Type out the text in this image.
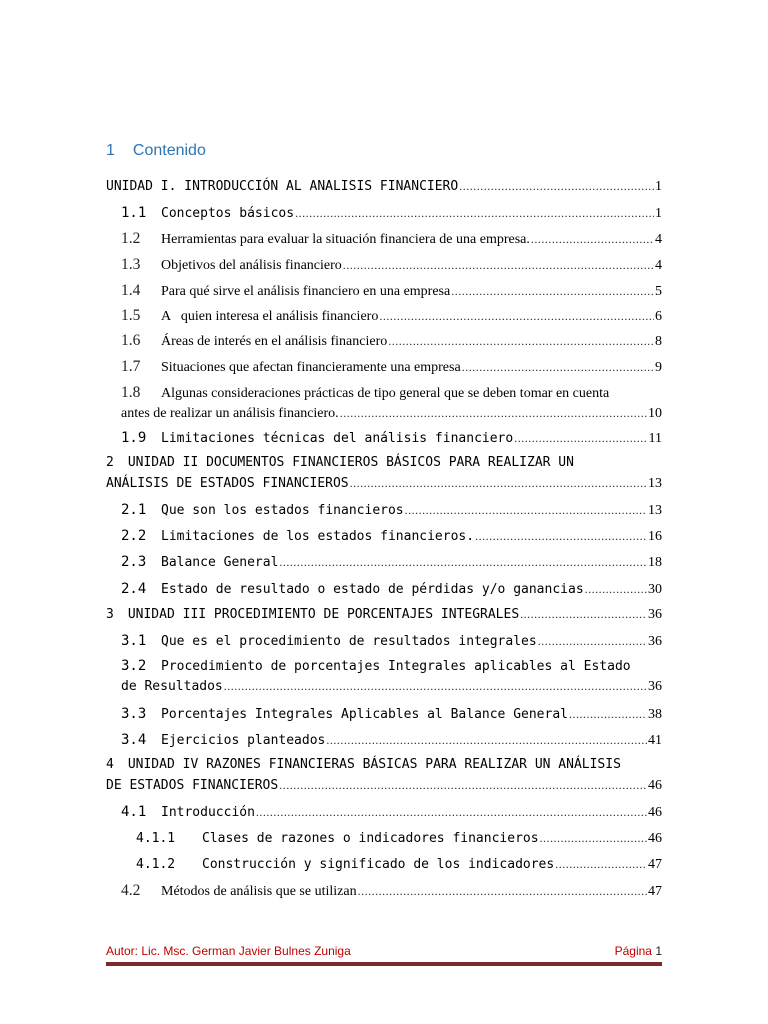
1 Contenido
UNIDAD I. INTRODUCCIÓN AL ANALISIS FINANCIERO .....	1
1.1	Conceptos básicos .....	1
1.2	Herramientas para evaluar la situación financiera de una empresa. .....	4
1.3	Objetivos del análisis financiero .....	4
1.4	Para qué sirve el análisis financiero en una empresa .....	5
1.5	A   quien interesa el análisis financiero .....	6
1.6	Áreas de interés en el análisis financiero .....	8
1.7	Situaciones que afectan financieramente una empresa .....	9
1.8	Algunas consideraciones prácticas de tipo general que se deben tomar en cuenta
antes de realizar un análisis financiero. .....	10
1.9	Limitaciones técnicas del análisis financiero .....	11
2 UNIDAD II DOCUMENTOS FINANCIEROS BÁSICOS PARA REALIZAR UN
ANÁLISIS DE ESTADOS FINANCIEROS .....	13
2.1	Que son los estados financieros .....	13
2.2	Limitaciones de los estados financieros. .....	16
2.3	Balance General .....	18
2.4	Estado de resultado o estado de pérdidas y/o ganancias .....	30
3 UNIDAD III PROCEDIMIENTO DE PORCENTAJES INTEGRALES .....	36
3.1	Que es el procedimiento de resultados integrales .....	36
3.2	Procedimiento de porcentajes Integrales aplicables al Estado
de Resultados .....	36
3.3	Porcentajes Integrales Aplicables al Balance General .....	38
3.4	Ejercicios planteados .....	41
4 UNIDAD IV RAZONES FINANCIERAS BÁSICAS PARA REALIZAR UN ANÁLISIS
DE ESTADOS FINANCIEROS .....	46
4.1	Introducción .....	46
4.1.1	Clases de razones o indicadores financieros .....	46
4.1.2	Construcción y significado de los indicadores .....	47
4.2	Métodos de análisis que se utilizan .....	47
Autor: Lic. Msc. German Javier Bulnes Zuniga	Página 1
